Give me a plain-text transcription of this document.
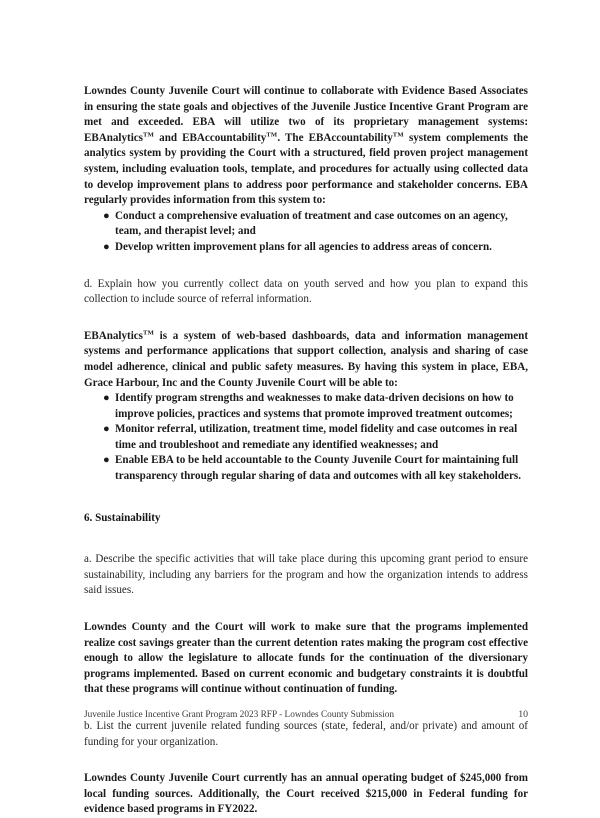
Lowndes County Juvenile Court will continue to collaborate with Evidence Based Associates in ensuring the state goals and objectives of the Juvenile Justice Incentive Grant Program are met and exceeded. EBA will utilize two of its proprietary management systems: EBAnalytics™ and EBAccountability™. The EBAccountability™ system complements the analytics system by providing the Court with a structured, field proven project management system, including evaluation tools, template, and procedures for actually using collected data to develop improvement plans to address poor performance and stakeholder concerns. EBA regularly provides information from this system to:

● Conduct a comprehensive evaluation of treatment and case outcomes on an agency, team, and therapist level; and
● Develop written improvement plans for all agencies to address areas of concern.

d. Explain how you currently collect data on youth served and how you plan to expand this collection to include source of referral information.

EBAnalytics™ is a system of web-based dashboards, data and information management systems and performance applications that support collection, analysis and sharing of case model adherence, clinical and public safety measures. By having this system in place, EBA, Grace Harbour, Inc and the County Juvenile Court will be able to:

● Identify program strengths and weaknesses to make data-driven decisions on how to improve policies, practices and systems that promote improved treatment outcomes;
● Monitor referral, utilization, treatment time, model fidelity and case outcomes in real time and troubleshoot and remediate any identified weaknesses; and
● Enable EBA to be held accountable to the County Juvenile Court for maintaining full transparency through regular sharing of data and outcomes with all key stakeholders.
6. Sustainability

a. Describe the specific activities that will take place during this upcoming grant period to ensure sustainability, including any barriers for the program and how the organization intends to address said issues.

Lowndes County and the Court will work to make sure that the programs implemented realize cost savings greater than the current detention rates making the program cost effective enough to allow the legislature to allocate funds for the continuation of the diversionary programs implemented. Based on current economic and budgetary constraints it is doubtful that these programs will continue without continuation of funding.

b. List the current juvenile related funding sources (state, federal, and/or private) and amount of funding for your organization.

Lowndes County Juvenile Court currently has an annual operating budget of $245,000 from local funding sources. Additionally, the Court received $215,000 in Federal funding for evidence based programs in FY2022.

Juvenile Justice Incentive Grant Program 2023 RFP - Lowndes County Submission	10
